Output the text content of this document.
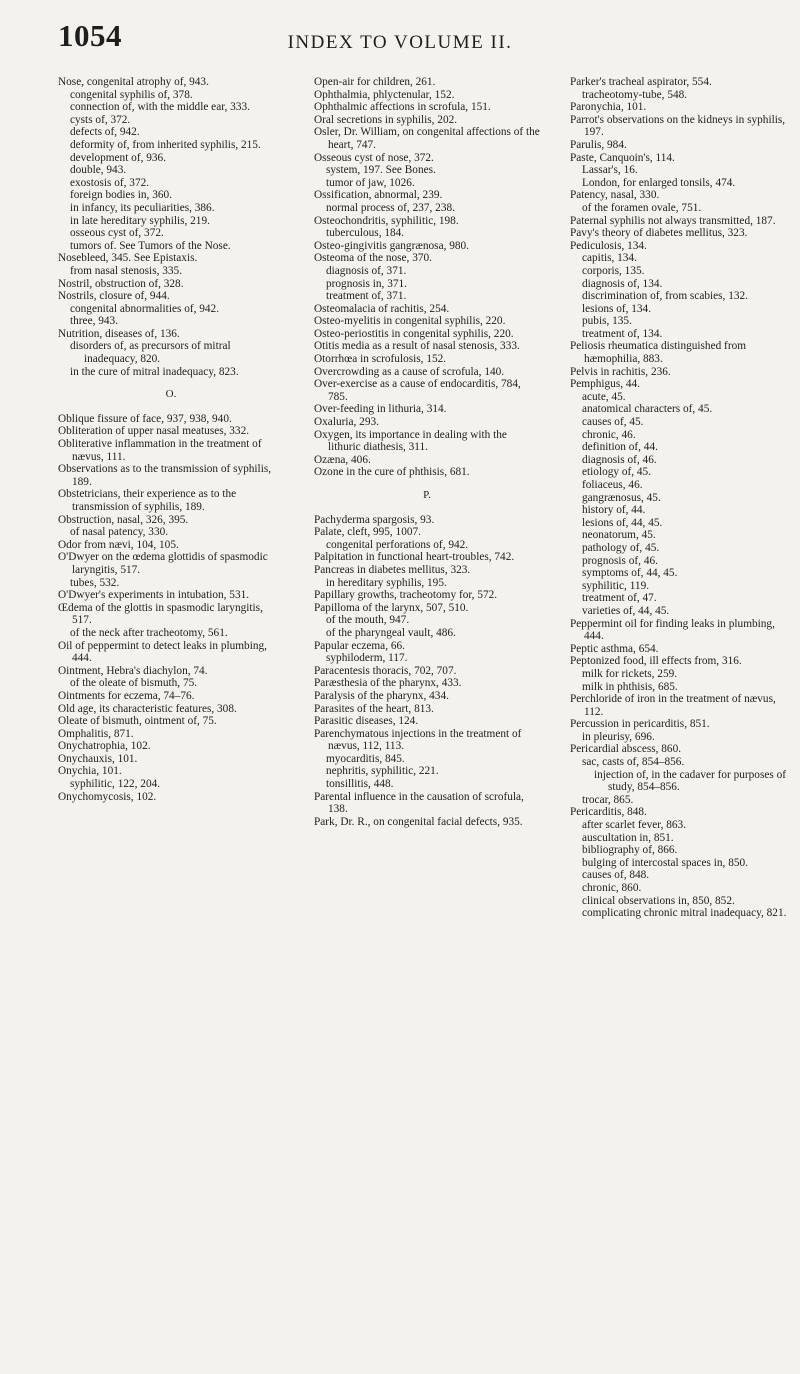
1054	INDEX TO VOLUME II.
Nose, congenital atrophy of, 943.
congenital syphilis of, 378.
connection of, with the middle ear, 333.
cysts of, 372.
defects of, 942.
deformity of, from inherited syphilis, 215.
development of, 936.
double, 943.
exostosis of, 372.
foreign bodies in, 360.
in infancy, its peculiarities, 386.
in late hereditary syphilis, 219.
osseous cyst of, 372.
tumors of. See Tumors of the Nose.
Nosebleed, 345. See Epistaxis.
from nasal stenosis, 335.
Nostril, obstruction of, 328.
Nostrils, closure of, 944.
congenital abnormalities of, 942.
three, 943.
Nutrition, diseases of, 136.
disorders of, as precursors of mitral inadequacy, 820.
in the cure of mitral inadequacy, 823.
O.
Oblique fissure of face, 937, 938, 940.
Obliteration of upper nasal meatuses, 332.
Obliterative inflammation in the treatment of nævus, 111.
Observations as to the transmission of syphilis, 189.
Obstetricians, their experience as to the transmission of syphilis, 189.
Obstruction, nasal, 326, 395.
of nasal patency, 330.
Odor from nævi, 104, 105.
O'Dwyer on the œdema glottidis of spasmodic laryngitis, 517.
tubes, 532.
O'Dwyer's experiments in intubation, 531.
Œdema of the glottis in spasmodic laryngitis, 517.
of the neck after tracheotomy, 561.
Oil of peppermint to detect leaks in plumbing, 444.
Ointment, Hebra's diachylon, 74.
of the oleate of bismuth, 75.
Ointments for eczema, 74–76.
Old age, its characteristic features, 308.
Oleate of bismuth, ointment of, 75.
Omphalitis, 871.
Onychatrophia, 102.
Onychauxis, 101.
Onychia, 101.
syphilitic, 122, 204.
Onychomycosis, 102.
Open-air for children, 261.
Ophthalmia, phlyctenular, 152.
Ophthalmic affections in scrofula, 151.
Oral secretions in syphilis, 202.
Osler, Dr. William, on congenital affections of the heart, 747.
Osseous cyst of nose, 372.
system, 197. See Bones.
tumor of jaw, 1026.
Ossification, abnormal, 239.
normal process of, 237, 238.
Osteochondritis, syphilitic, 198.
tuberculous, 184.
Osteo-gingivitis gangrænosa, 980.
Osteoma of the nose, 370.
diagnosis of, 371.
prognosis in, 371.
treatment of, 371.
Osteomalacia of rachitis, 254.
Osteo-myelitis in congenital syphilis, 220.
Osteo-periostitis in congenital syphilis, 220.
Otitis media as a result of nasal stenosis, 333.
Otorrhœa in scrofulosis, 152.
Overcrowding as a cause of scrofula, 140.
Over-exercise as a cause of endocarditis, 784, 785.
Over-feeding in lithuria, 314.
Oxaluria, 293.
Oxygen, its importance in dealing with the lithuric diathesis, 311.
Ozæna, 406.
Ozone in the cure of phthisis, 681.
P.
Pachyderma spargosis, 93.
Palate, cleft, 995, 1007.
congenital perforations of, 942.
Palpitation in functional heart-troubles, 742.
Pancreas in diabetes mellitus, 323.
in hereditary syphilis, 195.
Papillary growths, tracheotomy for, 572.
Papilloma of the larynx, 507, 510.
of the mouth, 947.
of the pharyngeal vault, 486.
Papular eczema, 66.
syphiloderm, 117.
Paracentesis thoracis, 702, 707.
Paræsthesia of the pharynx, 433.
Paralysis of the pharynx, 434.
Parasites of the heart, 813.
Parasitic diseases, 124.
Parenchymatous injections in the treatment of nævus, 112, 113.
myocarditis, 845.
nephritis, syphilitic, 221.
tonsillitis, 448.
Parental influence in the causation of scrofula, 138.
Park, Dr. R., on congenital facial defects, 935.
Parker's tracheal aspirator, 554.
tracheotomy-tube, 548.
Paronychia, 101.
Parrot's observations on the kidneys in syphilis, 197.
Parulis, 984.
Paste, Canquoin's, 114.
Lassar's, 16.
London, for enlarged tonsils, 474.
Patency, nasal, 330.
of the foramen ovale, 751.
Paternal syphilis not always transmitted, 187.
Pavy's theory of diabetes mellitus, 323.
Pediculosis, 134.
capitis, 134.
corporis, 135.
diagnosis of, 134.
discrimination of, from scabies, 132.
lesions of, 134.
pubis, 135.
treatment of, 134.
Peliosis rheumatica distinguished from hæmophilia, 883.
Pelvis in rachitis, 236.
Pemphigus, 44.
acute, 45.
anatomical characters of, 45.
causes of, 45.
chronic, 46.
definition of, 44.
diagnosis of, 46.
etiology of, 45.
foliaceus, 46.
gangrænosus, 45.
history of, 44.
lesions of, 44, 45.
neonatorum, 45.
pathology of, 45.
prognosis of, 46.
symptoms of, 44, 45.
syphilitic, 119.
treatment of, 47.
varieties of, 44, 45.
Peppermint oil for finding leaks in plumbing, 444.
Peptic asthma, 654.
Peptonized food, ill effects from, 316.
milk for rickets, 259.
milk in phthisis, 685.
Perchloride of iron in the treatment of nævus, 112.
Percussion in pericarditis, 851.
in pleurisy, 696.
Pericardial abscess, 860.
sac, casts of, 854–856.
injection of, in the cadaver for purposes of study, 854–856.
trocar, 865.
Pericarditis, 848.
after scarlet fever, 863.
auscultation in, 851.
bibliography of, 866.
bulging of intercostal spaces in, 850.
causes of, 848.
chronic, 860.
clinical observations in, 850, 852.
complicating chronic mitral inadequacy, 821.
